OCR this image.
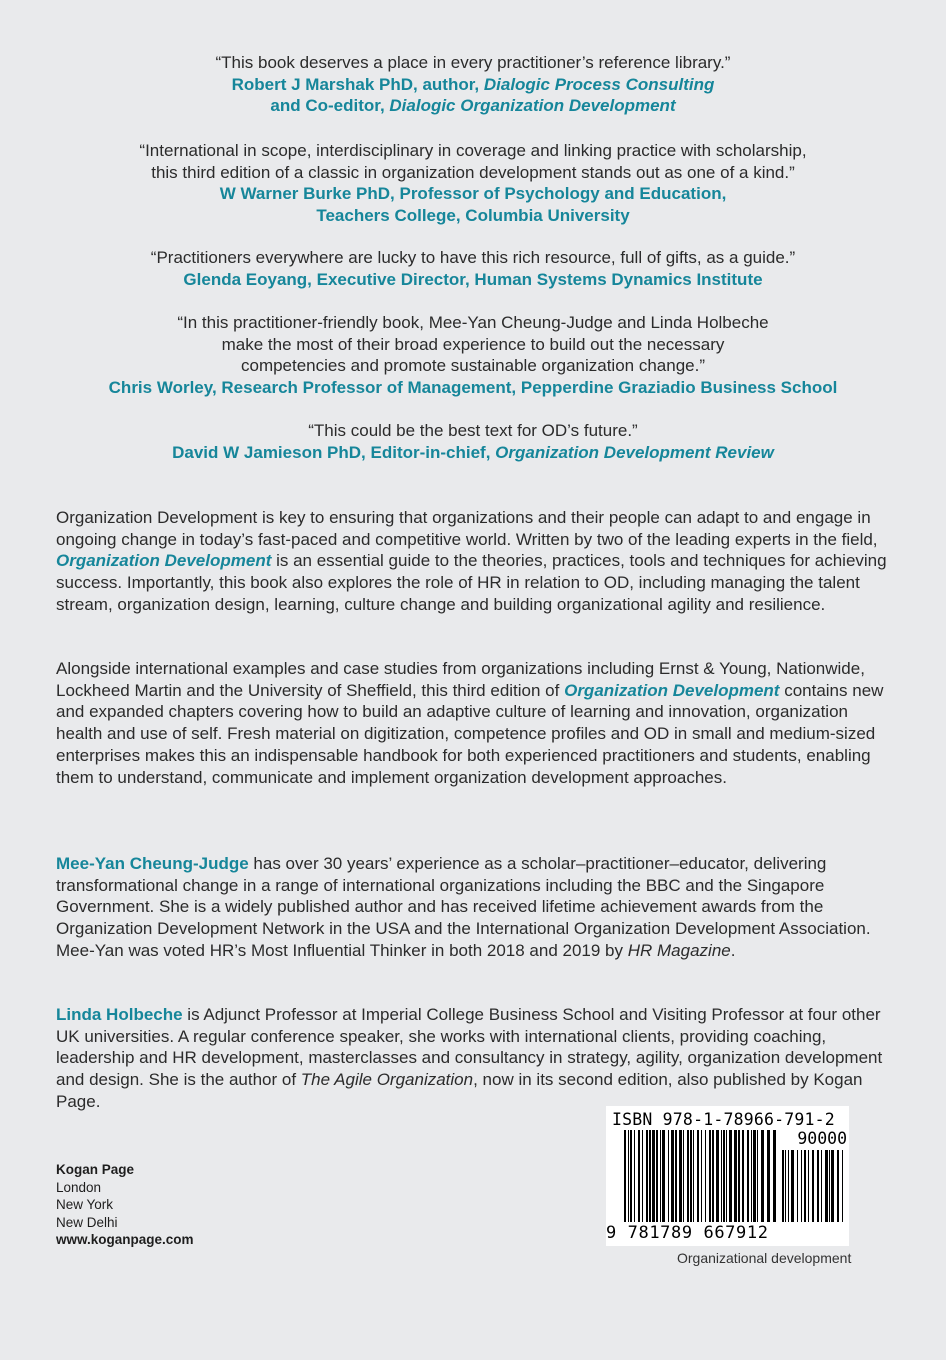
“This book deserves a place in every practitioner’s reference library.”
Robert J Marshak PhD, author, Dialogic Process Consulting
and Co-editor, Dialogic Organization Development
“International in scope, interdisciplinary in coverage and linking practice with scholarship,
this third edition of a classic in organization development stands out as one of a kind.”
W Warner Burke PhD, Professor of Psychology and Education,
Teachers College, Columbia University
“Practitioners everywhere are lucky to have this rich resource, full of gifts, as a guide.”
Glenda Eoyang, Executive Director, Human Systems Dynamics Institute
“In this practitioner-friendly book, Mee-Yan Cheung-Judge and Linda Holbeche
make the most of their broad experience to build out the necessary
competencies and promote sustainable organization change.”
Chris Worley, Research Professor of Management, Pepperdine Graziadio Business School
“This could be the best text for OD’s future.”
David W Jamieson PhD, Editor-in-chief, Organization Development Review
Organization Development is key to ensuring that organizations and their people can adapt to and engage in ongoing change in today’s fast-paced and competitive world. Written by two of the leading experts in the field, Organization Development is an essential guide to the theories, practices, tools and techniques for achieving success. Importantly, this book also explores the role of HR in relation to OD, including managing the talent stream, organization design, learning, culture change and building organizational agility and resilience.
Alongside international examples and case studies from organizations including Ernst & Young, Nationwide, Lockheed Martin and the University of Sheffield, this third edition of Organization Development contains new and expanded chapters covering how to build an adaptive culture of learning and innovation, organization health and use of self. Fresh material on digitization, competence profiles and OD in small and medium-sized enterprises makes this an indispensable handbook for both experienced practitioners and students, enabling them to understand, communicate and implement organization development approaches.
Mee-Yan Cheung-Judge has over 30 years’ experience as a scholar–practitioner–educator, delivering transformational change in a range of international organizations including the BBC and the Singapore Government. She is a widely published author and has received lifetime achievement awards from the Organization Development Network in the USA and the International Organization Development Association. Mee-Yan was voted HR’s Most Influential Thinker in both 2018 and 2019 by HR Magazine.
Linda Holbeche is Adjunct Professor at Imperial College Business School and Visiting Professor at four other UK universities. A regular conference speaker, she works with international clients, providing coaching, leadership and HR development, masterclasses and consultancy in strategy, agility, organization development and design. She is the author of The Agile Organization, now in its second edition, also published by Kogan Page.
Kogan Page
London
New York
New Delhi
www.koganpage.com
ISBN 978-1-78966-791-2
90000
9 781789 667912
Organizational development
